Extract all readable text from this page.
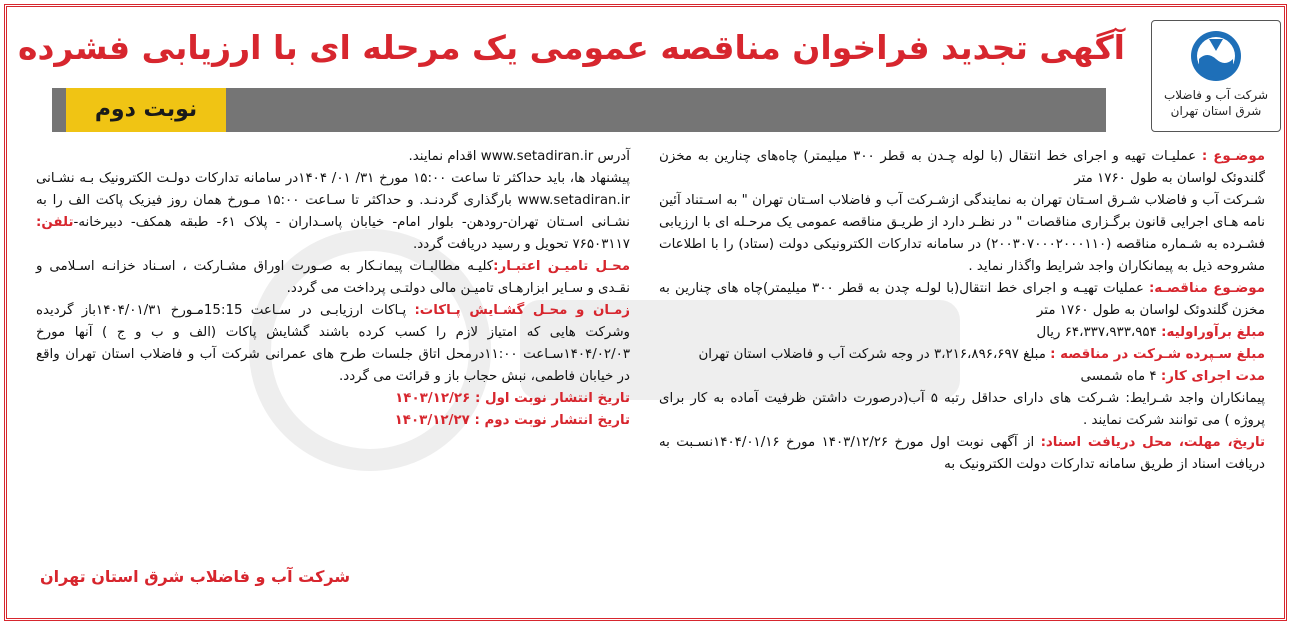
شرکت آب و فاضلاب
شرق استان تهران
آگهی تجدید فراخوان مناقصه عمومی یک مرحله ای با ارزیابی فشرده
نوبت دوم

موضـوع : عملیـات تهیه و اجرای خط انتقال (با لوله چـدن به قطر ۳۰۰ میلیمتر) چاه‌های چنارین به مخزن گلندوئک لواسان به طول ۱۷۶۰ متر

شـرکت آب و فاضلاب شـرق اسـتان تهران به نمایندگی ازشـرکت آب و فاضلاب اسـتان تهران " به اسـتناد آئین نامه هـای اجرایی قانون برگـزاری مناقصات " در نظـر دارد از طریـق مناقصه عمومی یک مرحـله ای با ارزیابی فشـرده به شـماره مناقصه (۲۰۰۳۰۷۰۰۰۲۰۰۰۱۱۰) در سامانه تدارکات الکترونیکی دولت (ستاد) را با اطلاعات مشروحه ذیل به پیمانکاران واجد شرایط واگذار نماید .

موضـوع مناقصـه: عملیات تهیـه و اجرای خط انتقال(با لولـه چدن به قطر ۳۰۰ میلیمتر)چاه های چنارین به مخزن گلندوئک لواسان به طول ۱۷۶۰ متر

مبلغ برآوراولیه: ۶۴،۳۳۷،۹۳۳،۹۵۴ ریال

مبلغ سـپرده شـرکت در مناقصه : مبلغ ۳،۲۱۶،۸۹۶،۶۹۷ در وجه شرکت آب و فاضلاب استان تهران

مدت اجرای کار: ۴ ماه شمسی

پیمانکاران واجد شـرایط: شـرکت های دارای حداقل رتبه ۵ آب(درصورت داشتن ظرفیت آماده به کار برای پروژه ) می توانند شرکت نمایند .

تاریخ، مهلت، محل دریافت اسناد: از آگهی نوبت اول مورخ ۱۴۰۳/۱۲/۲۶ مورخ ۱۴۰۴/۰۱/۱۶نسـبت به دریافت اسناد از طریق سامانه تدارکات دولت الکترونیک به

آدرس www.setadiran.ir اقدام نمایند.

پیشنهاد ها، باید حداکثر تا ساعت ۱۵:۰۰ مورخ ۳۱/ ۰۱/ ۱۴۰۴در سامانه تدارکات دولـت الکترونیک بـه نشـانی www.setadiran.ir بارگذاری گردنـد. و حداکثر تا سـاعت ۱۵:۰۰ مـورخ همان روز فیزیک پاکت الف را به نشـانی اسـتان تهران-رودهن- بلوار امام- خیابان پاسـداران - پلاک ۶۱- طبقه همکف- دبیرخانه-تلفن: ۷۶۵۰۳۱۱۷ تحویل و رسید دریافت گردد.

محـل تامیـن اعتبـار:کلیـه مطالبـات پیمانـکار به صـورت اوراق مشـارکت ، اسـناد خزانـه اسـلامی و نقـدی و سـایر ابزارهـای تامیـن مالی دولتـی پرداخت می گردد.

زمـان و محـل گشـایش پـاکات: پـاکات ارزیابـی در سـاعت 15:15مـورخ ۱۴۰۴/۰۱/۳۱باز گردیده وشرکت هایی که امتیاز لازم را کسب کرده باشند گشایش پاکات (الف و ب و ج ) آنها مورخ ۱۴۰۴/۰۲/۰۳سـاعت ۱۱:۰۰درمحل اتاق جلسات طرح های عمرانی شرکت آب و فاضلاب استان تهران واقع در خیابان فاطمی، نبش حجاب باز و قرائت می گردد.

تاریخ انتشار نوبت اول : ۱۴۰۳/۱۲/۲۶

تاریخ انتشار نوبت دوم : ۱۴۰۳/۱۲/۲۷

شرکت آب و فاضلاب شرق استان تهران
